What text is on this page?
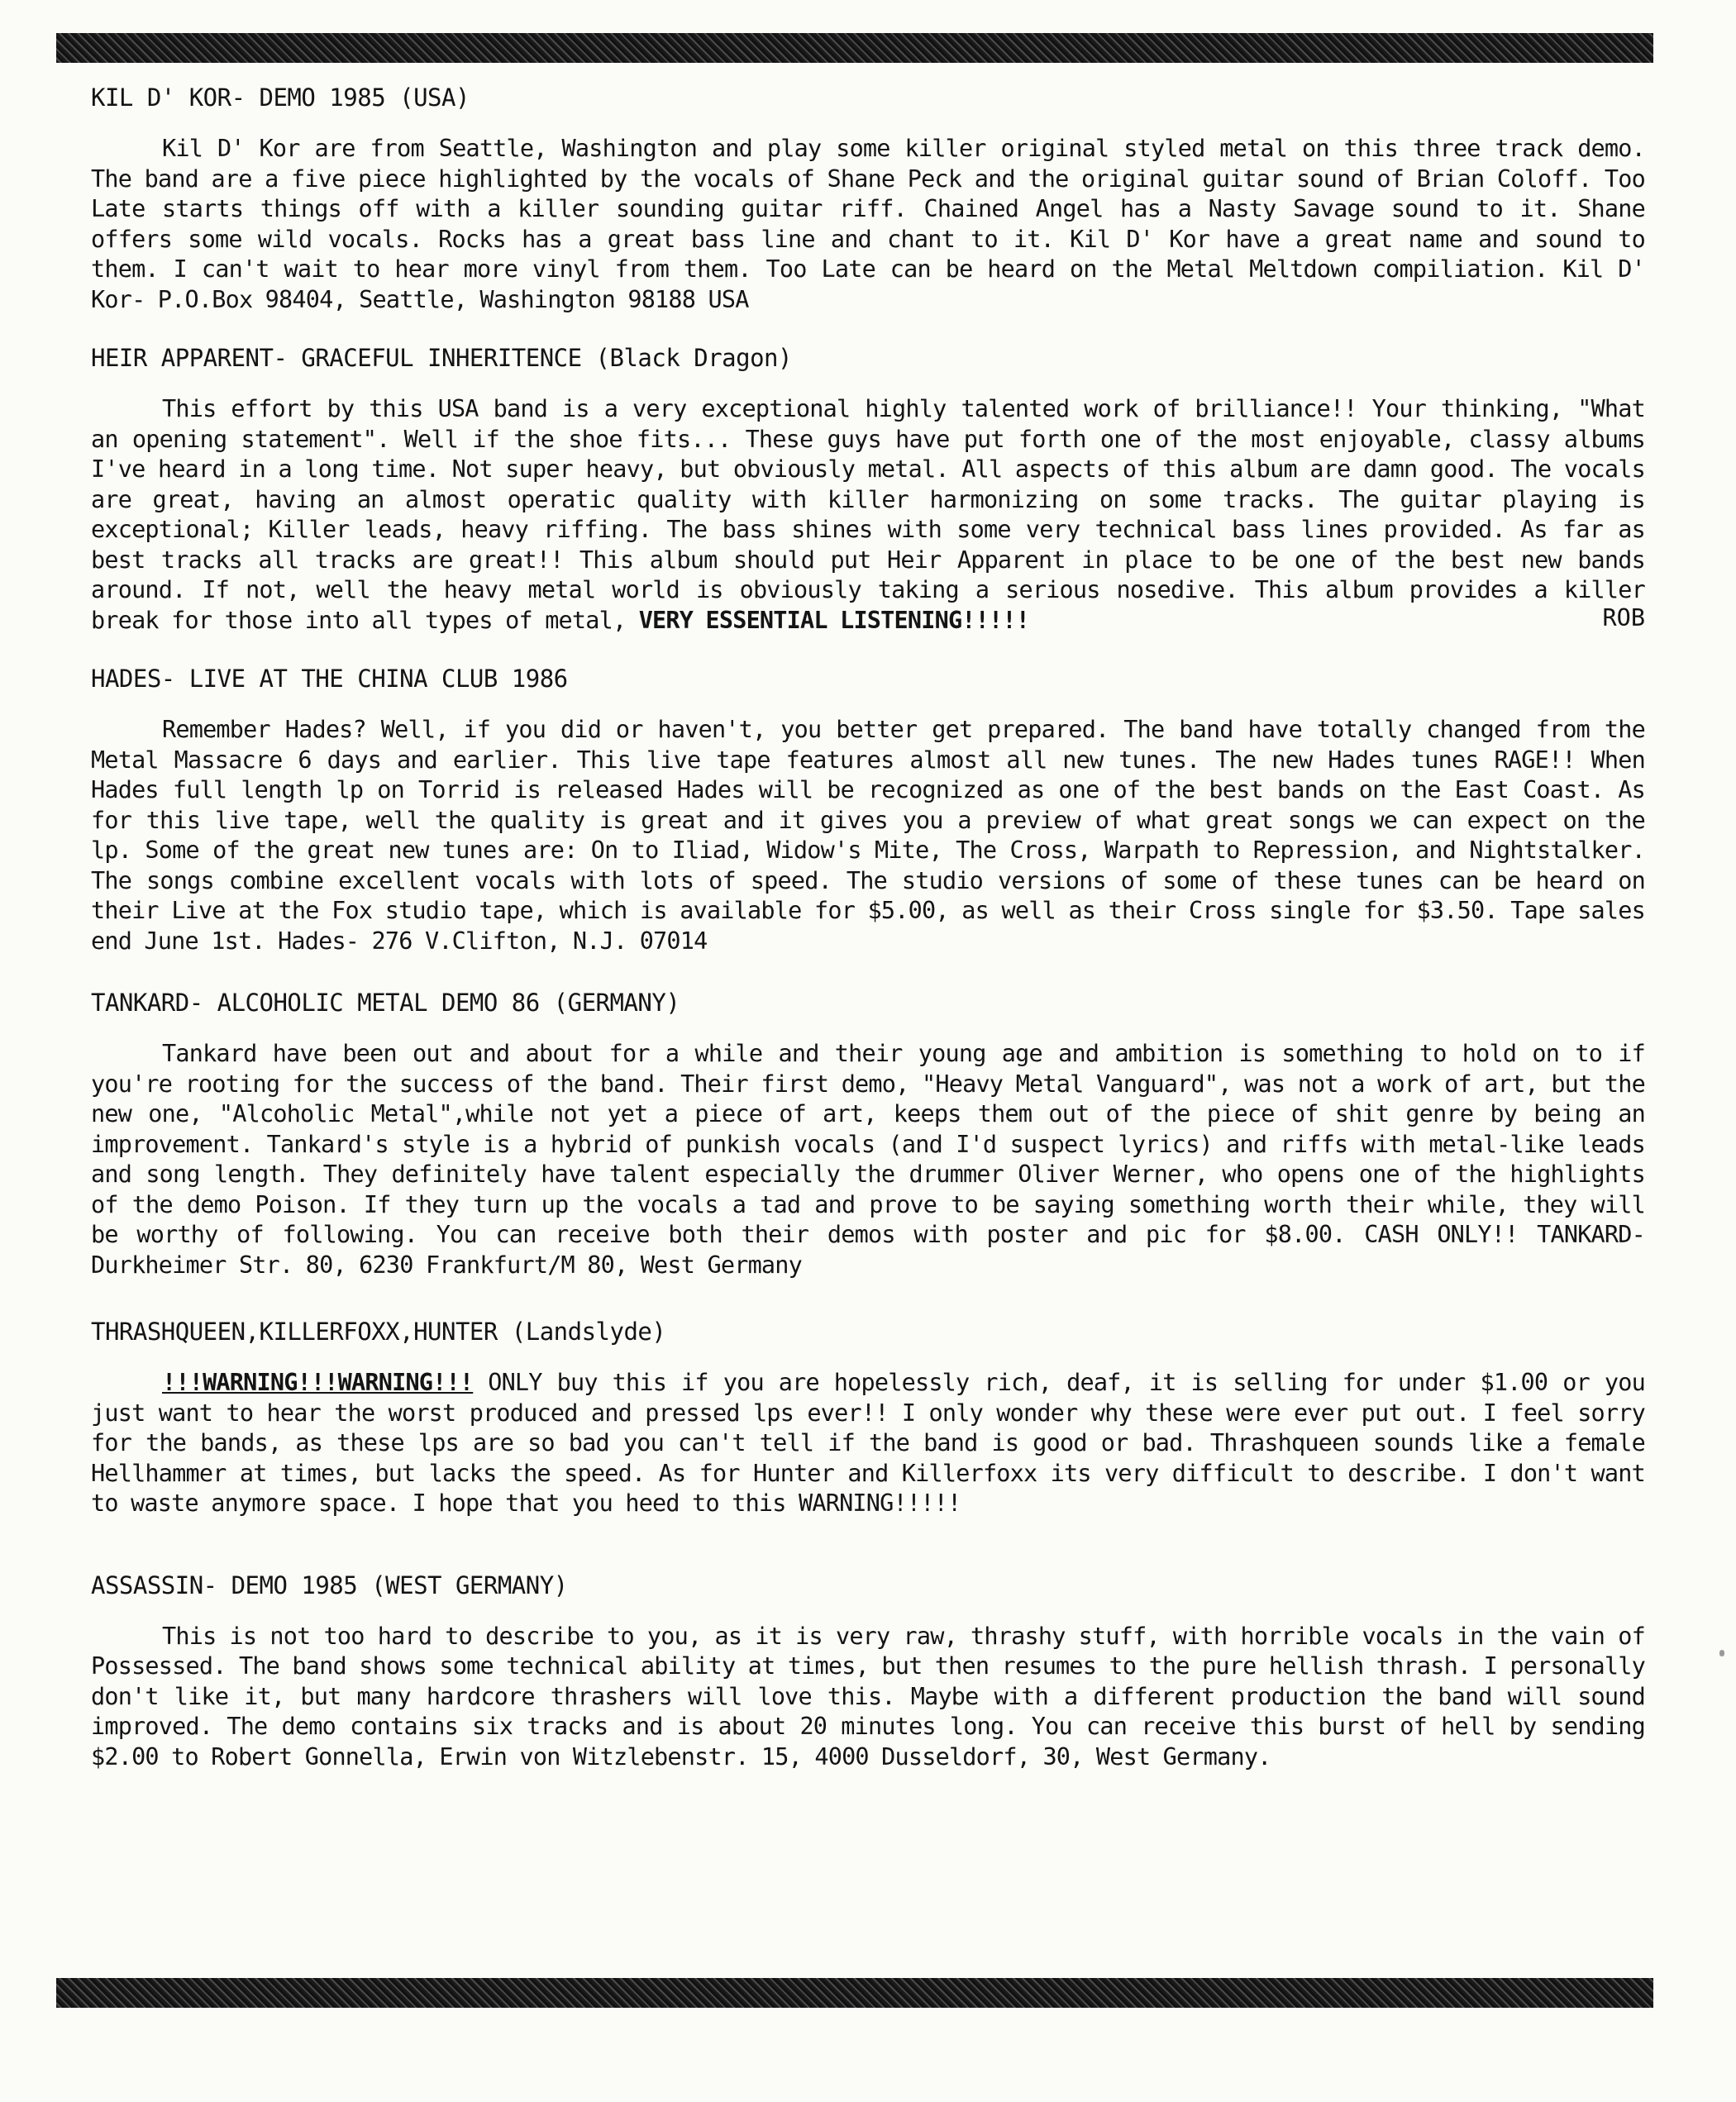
KIL D' KOR- DEMO 1985 (USA)

Kil D' Kor are from Seattle, Washington and play some killer original styled metal on this three track demo. The band are a five piece highlighted by the vocals of Shane Peck and the original guitar sound of Brian Coloff. Too Late starts things off with a killer sounding guitar riff. Chained Angel has a Nasty Savage sound to it. Shane offers some wild vocals. Rocks has a great bass line and chant to it. Kil D' Kor have a great name and sound to them. I can't wait to hear more vinyl from them. Too Late can be heard on the Metal Meltdown compiliation. Kil D' Kor- P.O.Box 98404, Seattle, Washington 98188 USA

HEIR APPARENT- GRACEFUL INHERITENCE (Black Dragon)

This effort by this USA band is a very exceptional highly talented work of brilliance!! Your thinking, "What an opening statement". Well if the shoe fits... These guys have put forth one of the most enjoyable, classy albums I've heard in a long time. Not super heavy, but obviously metal. All aspects of this album are damn good. The vocals are great, having an almost operatic quality with killer harmonizing on some tracks. The guitar playing is exceptional; Killer leads, heavy riffing. The bass shines with some very technical bass lines provided. As far as best tracks all tracks are great!! This album should put Heir Apparent in place to be one of the best new bands around. If not, well the heavy metal world is obviously taking a serious nosedive. This album provides a killer break for those into all types of metal, VERY ESSENTIAL LISTENING!!!!!	ROB

HADES- LIVE AT THE CHINA CLUB 1986

Remember Hades? Well, if you did or haven't, you better get prepared. The band have totally changed from the Metal Massacre 6 days and earlier. This live tape features almost all new tunes. The new Hades tunes RAGE!! When Hades full length lp on Torrid is released Hades will be recognized as one of the best bands on the East Coast. As for this live tape, well the quality is great and it gives you a preview of what great songs we can expect on the lp. Some of the great new tunes are: On to Iliad, Widow's Mite, The Cross, Warpath to Repression, and Nightstalker. The songs combine excellent vocals with lots of speed. The studio versions of some of these tunes can be heard on their Live at the Fox studio tape, which is available for $5.00, as well as their Cross single for $3.50. Tape sales end June 1st. Hades- 276 V.Clifton, N.J. 07014

TANKARD- ALCOHOLIC METAL DEMO 86 (GERMANY)

Tankard have been out and about for a while and their young age and ambition is something to hold on to if you're rooting for the success of the band. Their first demo, "Heavy Metal Vanguard", was not a work of art, but the new one, "Alcoholic Metal",while not yet a piece of art, keeps them out of the piece of shit genre by being an improvement. Tankard's style is a hybrid of punkish vocals (and I'd suspect lyrics) and riffs with metal-like leads and song length. They definitely have talent especially the drummer Oliver Werner, who opens one of the highlights of the demo Poison. If they turn up the vocals a tad and prove to be saying something worth their while, they will be worthy of following. You can receive both their demos with poster and pic for $8.00. CASH ONLY!! TANKARD- Durkheimer Str. 80, 6230 Frankfurt/M 80, West Germany

THRASHQUEEN,KILLERFOXX,HUNTER (Landslyde)

!!!WARNING!!!WARNING!!! ONLY buy this if you are hopelessly rich, deaf, it is selling for under $1.00 or you just want to hear the worst produced and pressed lps ever!! I only wonder why these were ever put out. I feel sorry for the bands, as these lps are so bad you can't tell if the band is good or bad. Thrashqueen sounds like a female Hellhammer at times, but lacks the speed. As for Hunter and Killerfoxx its very difficult to describe. I don't want to waste anymore space. I hope that you heed to this WARNING!!!!!

ASSASSIN- DEMO 1985 (WEST GERMANY)

This is not too hard to describe to you, as it is very raw, thrashy stuff, with horrible vocals in the vain of Possessed. The band shows some technical ability at times, but then resumes to the pure hellish thrash. I personally don't like it, but many hardcore thrashers will love this. Maybe with a different production the band will sound improved. The demo contains six tracks and is about 20 minutes long. You can receive this burst of hell by sending $2.00 to Robert Gonnella, Erwin von Witzlebenstr. 15, 4000 Dusseldorf, 30, West Germany.
